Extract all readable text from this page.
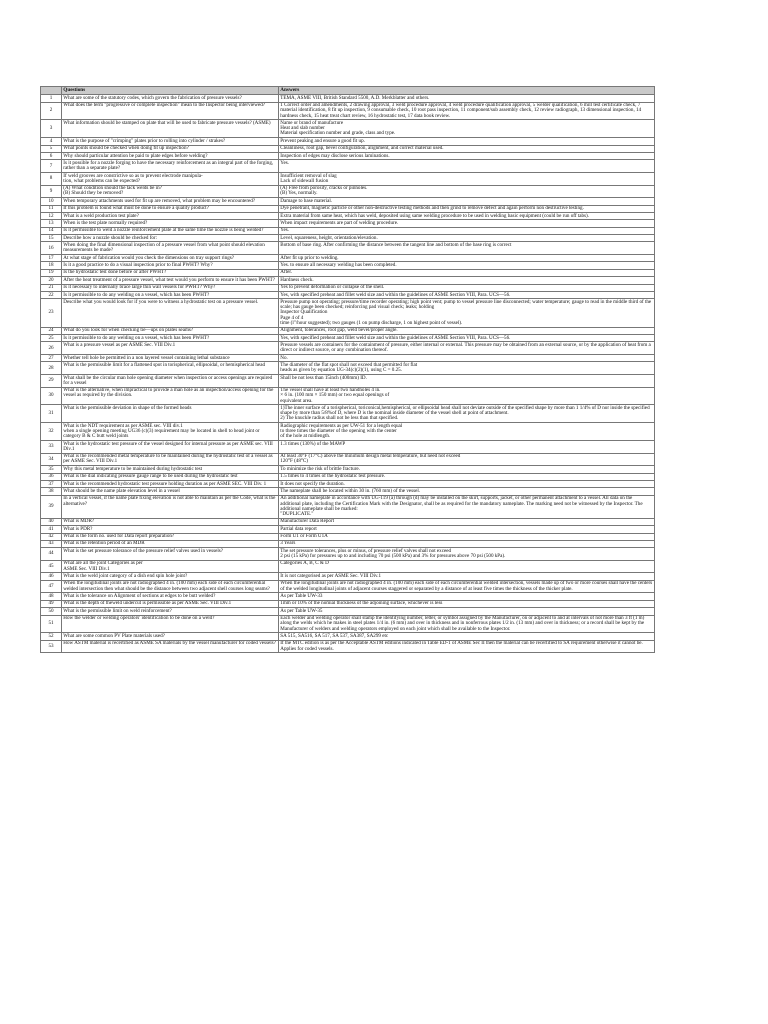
	Questions	Answers
1	What are some of the statutory codes, which govern the fabrication of pressure vessels?	TEMA, ASME VIII, British Standard 5500, A.D. Merkblatter and others.
2	What does the term "progressive or complete inspection" mean to the Inspector being interviewed?	1 Correct order and amendments, 2 drawing approval, 3 weld procedure approval, 4 weld procedure qualification approval, 5 welder qualification, 6 mill test certificate check, 7 material identification, 8 fit up inspection, 9 consumable check, 10 root pass inspection, 11 component/sub assembly check, 12 review radiograph, 13 dimensional inspection, 14 hardness check, 15 heat treat chart review, 16 hydrostatic test, 17 data book review.
3	What information should be stamped on plate that will be used to fabricate pressure vessels? (ASME)	Name or brand of manufacture
Heat and slab number
Material specification number and grade, class and type.
4	What is the purpose of "crimping" plates prior to rolling into cylinder / strakes?	Prevent peaking and ensure a good fit up.
5	What points should be checked when doing fit up inspection?	Cleanliness, root gap, bevel configuration, alignment, and correct material used.
6	Why should particular attention be paid to plate edges before welding?	Inspection of edges may disclose serious laminations.
7	Is it possible for a nozzle forging to have the necessary reinforcement as an integral part of the forging, rather than a separate plate?	Yes.
8	If weld grooves are constrictive so as to prevent electrode manipula-
tion, what problems can be expected?	Insufficient removal of slag
Lack of sidewall fusion
9	(A) What condition should the tack welds be in?
(B) Should they be removed?	(A) Free from porosity, cracks or pinholes.
(B) Yes, normally.
10	When temporary attachments used for fit up are removed, what problem may be encountered?	Damage to base material.
11	If this problem is found what must be done to ensure a quality product?	Dye penetrant, magnetic particle or other non-destructive testing methods and then grind to remove defect and again perform non destructive testing.
12	What is a weld production test plate?	Extra material from same heat, which has weld, deposited using same welding procedure to be used in welding basic equipment (could be run off tabs).
13	When is the test plate normally required?	When impact requirements are part of welding procedure.
14	Is it permissible to weld a nozzle reinforcement plate at the same time the nozzle is being welded?	Yes.
15	Describe how a nozzle should be checked for:	Level, squareness, height, orientation/elevation.
16	When doing the final dimensional inspection of a pressure vessel from what point should elevation measurements be made?	Bottom of base ring. After confirming the distance between the tangent line and bottom of the base ring is correct
17	At what stage of fabrication would you check the dimensions on tray support rings?	After fit up prior to welding.
18	Is it a good practice to do a visual inspection prior to final PWHT? Why?	Yes. to ensure all necessary welding has been completed.
19	Is the hydrostatic test done before or after PWHT?	After.
20	After the heat treatment of a pressure vessel, what test would you perform to ensure it has been PWHT?	Hardness check.
21	Is it necessary to internally brace large thin wall vessels for PWHT? Why?	Yes to prevent deformation or collapse of the shell.
22	Is it permissible to do any welding on a vessel, which has been PWHT?	Yes, with specified preheat and fillet weld size and within the guidelines of ASME Section VIII, Para. UCS—56.
23	Describe what you would look for if you were to witness a hydrostatic test on a pressure vessel.	Pressure pump not operating; pressure/time recorder operating; high point vent; pump to vessel pressure line disconnected; water temperature; gauge to read in the middle third of the scale; has gauge been checked; reinforcing pad visual check; leaks; holding
Inspector Qualification
Page 4 of 4
time (l"/hour suggested); two gauges (1 on pump discharge, 1 on highest point of vessel).
24	What do you look for when checking tie—ups on plates seams?	Alignment, tolerances, root gap, weld bevel/proper angle.
25	Is it permissible to do any welding on a vessel, which has been PWHT?	Yes, with specified preheat and fillet weld size and within the guidelines of ASME Section VIII, Para. UCS—56.
26	What is a pressure vessel as per ASME Sec. VIII Div.1	Pressure vessels are containers for the containment of pressure, either internal or external. This pressure may be obtained from an external source, or by the application of heat from a direct or indirect source, or any combination thereof.
27	Whether tell hole be permitted in a non layered vessel containing lethal substance	No.
28	What is the permissible limit for a flattened spot in torispherical, ellipsoidal, or hemispherical head	The diameter of the flat spot shall not exceed that permitted for flat
heads as given by equation UG-34(c)(2)(1), using C = 0.25.
29	What shall be the circular man hole opening diameter when inspection or access openings are required for a vessel	Shall be not less than 15inch (400mm) ID.
30	What is the alternative, when impractical to provide a man hole as an inspection/access opening for the vessel as required by the division.	The vessel shall have at least two handholes 4 in.
× 6 in. (100 mm × 150 mm) or two equal openings of
equivalent area.
31	What is the permissible deviation in shape of the formed heads	1)The inner surface of a torispherical, toriconical,hemispherical, or ellipsoidal head shall not deviate outside of the specified shape by more than 1 1/4% of D nor inside the specified shape by more than 5/8%of D, where D is the nominal inside diameter of the vessel shell at point of attachment.
2) The knuckle radius shall not be less than that specified.
32	What is the NDT requirement as per ASME sec. VIII div.1
when a single opening meeting UG36 (c)(3) requirement may be located in shell to head joint or category B & C butt weld joints	Radiographic requirements as per UW-51 for a length equal
to three times the diameter of the opening with the center
of the hole at midlength.
33	What is the hydrostatic test pressure of the vessel designed for internal pressure as per ASME sec. VIII Div.1	1.3 times (130%) of the MAWP
34	What is the recommended metal temperature to be maintained during the hydrostatic test of a vessel as per ASME Sec. VIII Div.1	At least 30°F (17°C) above the minimum design metal temperature, but need not exceed
120°F (48°C)
35	Why this metal temperature to be maintained during hydrostatic test	To minimize the risk of brittle fracture.
36	What is the dial indicating pressure gauge range to be used during the hydrostatic test	1.5 times to 4 times of the hydrostatic test pressure.
37	What is the recommended hydrostatic test pressure holding duration as per ASME SEC. VIII Div. 1	It does not specify the duration.
38	What should be the name plate elevation level in a vessel	The nameplate shall be located within 30 in. (760 mm) of the vessel.
39	In a vertical vessel, if the name plate fixing elevation is not able to maintain as per the Code, what is the alternative?	An additional nameplate in accordance with UG-119 (a) through (d) may be installed on the skirt, supports, jacket, or other permanent attachment to a vessel. All data on the
additional plate, including the Certification Mark with the Designator, shall be as required for the mandatory nameplate. The marking need not be witnessed by the Inspector. The additional nameplate shall be marked:
"DUPLICATE."
40	What is MDR?	Manufacturer Data Report
41	What is PDR?	Partial data report
42	What is the form no. used for Data report preparation?	Form U1 or Form U1A
43	What is the retention period of an MDR	3 Years
44	What is the set pressure tolerance of the pressure relief valves used in vessels?	The set pressure tolerances, plus or minus, of pressure relief valves shall not exceed
2 psi (15 kPa) for pressures up to and including 70 psi (500 kPa) and 3% for pressures above 70 psi (500 kPa).
45	What are all the joint Categories as per
ASME Sec. VIII Div.1	Categories A, B, C & D
46	What is the weld joint category of a dish end spin hole joint?	It is not categorised as per ASME Sec. VIII Div.1
47	When the longitudinal joints are not radiographed 4 in. (100 mm) each side of each circumferential welded intersection then what should be the distance between two adjacent shell courses long seams?	When the longitudinal joints are not radiographed 4 in. (100 mm) each side of each circumferential welded intersection, vessels made up of two or more courses shall have the centers of the welded longitudinal joints of adjacent courses staggered or separated by a distance of at least five times the thickness of the thicker plate.
48	What is the tolerance on Alignment of sections at edges to be butt welded?	As per Table UW-33
49	What is the depth of theweld undercut is permissible as per ASME Sec. VIII Div.1	1mm or 10% of the nomial thickness of the adjoining surface, whichever is less
50	What is the permissible limit on weld reinforcement?	As per Table UW-35
51	How the welder or welding operators' identification to be done on a weld?	Each welder and welding operator shall stamp the identifying number, letter, or symbol assigned by the Manufacturer, on or adjacent to and at intervals of not more than 3 ft (1 m) along the welds which he makes in steel plates 1/4 in. (6 mm) and over in thickness and in nonferrous plates 1/2 in. (13 mm) and over in thickness; or a record shall be kept by the Manufacturer of welders and welding operators employed on each joint which shall be available to the Inspector.
52	What are some common PV Plate materials used?	SA 515, SA516, SA 517, SA 537, SA387, SA299 etc
53	How ASTM material is recertified as ASME SA materials by the vessel manufacturer for coded vessels?	If the MTC edition is as per the Acceptable ASTM editions indicated in Table ED-1 of ASME Sec II then the material can be recertified to SA requirement otherwise it cannot be. Applies for coded vessels.
